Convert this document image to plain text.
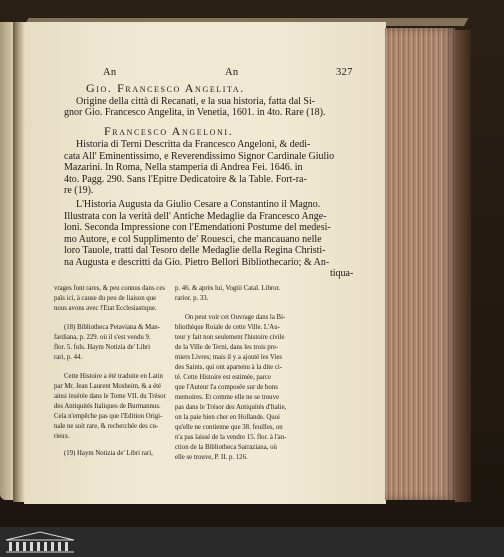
An	An	327
Gio. Francesco Angelita.
Origine della città di Recanati, e la sua historia, fatta dal Si-
gnor Gio. Francesco Angelita, in Venetia, 1601. in 4to. Rare (18).
Francesco Angeloni.
Historia di Terni Descritta da Francesco Angeloni, & dedi-
cata All' Eminentissimo, e Reverendissimo Signor Cardinale Giulio
Mazarini. In Roma, Nella stamperia di Andrea Fei. 1646. in
4to. Pagg. 290. Sans l'Epitre Dedicatoire & la Table. Fort-ra-
re (19).
L'Historia Augusta da Giulio Cesare a Constantino il Magno.
Illustrata con la verità dell' Antiche Medaglie da Francesco Ange-
loni. Seconda Impressione con l'Emendationi Postume del medesi-
mo Autore, e col Supplimento de' Rouesci, che mancauano nelle
loro Tauole, tratti dal Tesoro delle Medaglie della Regina Christi-
na Augusta e descritti da Gio. Pietro Bellori Bibliothecario; & An-
tiqua-
vrages font rares, & peu connus dans ces
païs ici, à cause du peu de liaison que
nous avons avec l'Etat Ecclesiastique.
(18) Bibliotheca Petaviana & Man-
fardiana, p. 229. où il s'est vendu 9.
flor. 5. fols. Haym Notizia de' Libri
rari, p. 44.
Cette Histoire a été traduite en Latin
par Mr. Jean Laurent Mosheim, & a été
ainsi insérée dans le Tome VII. du Trésor
des Antiquités Italiques de Burmannus.
Cela n'empêche pas que l'Edition Origi-
nale ne soit rare, & recherchée des cu-
rieux.
(19) Haym Notizia de' Libri rari,
p. 46. & après lui, Vogtii Catal. Libror.
rarior. p. 33.
On peut voir cet Ouvrage dans la Bi-
bliothèque Roiale de cette Ville. L'Au-
teur y fait non seulement l'histoire civile
de la Ville de Terni, dans les trois pre-
miers Livres; mais il y a ajouté les Vies
des Saints, qui ont apartenu à la dite ci-
té. Cette Histoire est estimée, parce
que l'Auteur l'a composée sur de bons
memoires. Et comme elle ne se trouve
pas dans le Trésor des Antiquités d'Italie,
on la paie bien cher en Hollande. Quoi
qu'elle ne contienne que 38. feuilles, on
n'a pas laissé de la vendre 15. flor. à l'an-
ction de la Bibliotheca Sarraziana, où
elle se trouve, P. II. p. 126.
